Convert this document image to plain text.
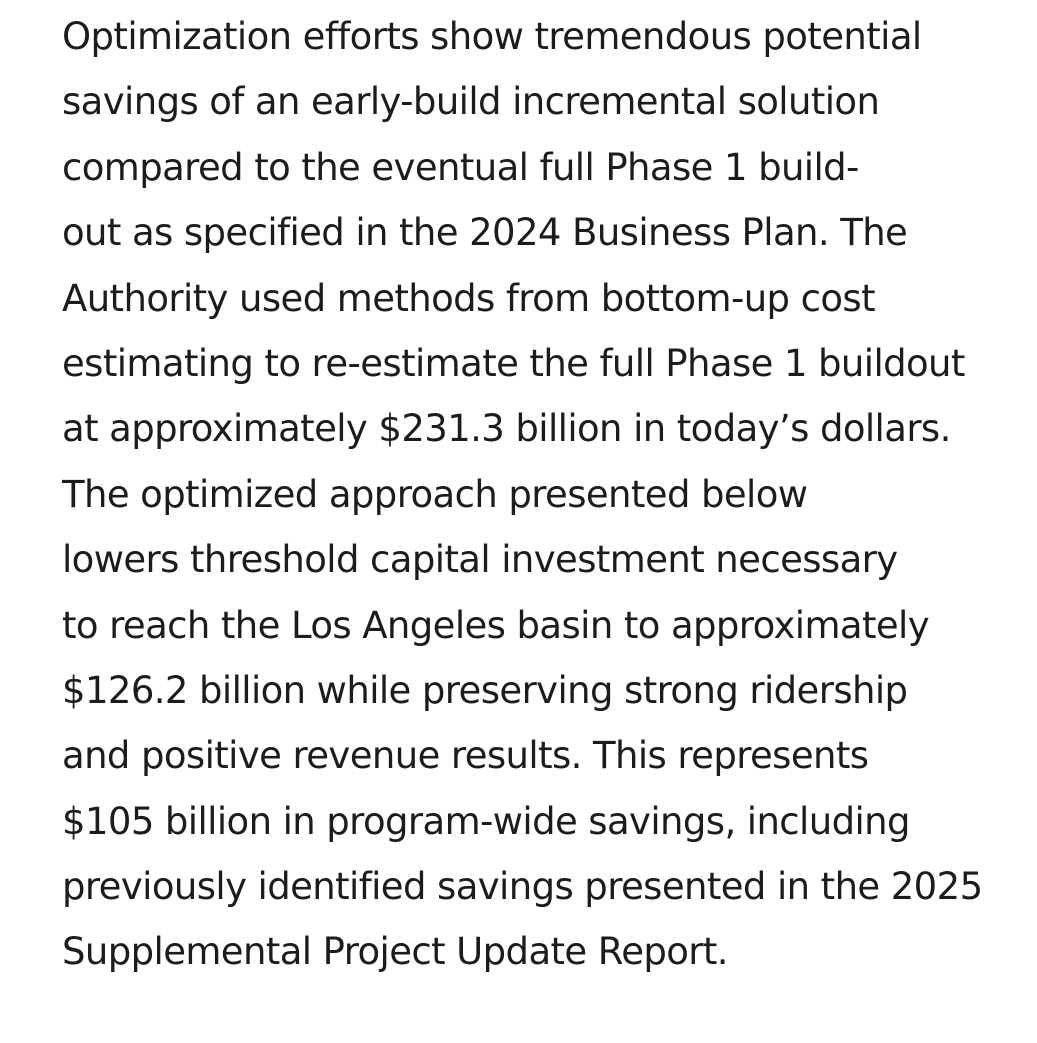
Optimization efforts show tremendous potential
savings of an early-build incremental solution
compared to the eventual full Phase 1 build-
out as specified in the 2024 Business Plan. The
Authority used methods from bottom-up cost
estimating to re-estimate the full Phase 1 buildout
at approximately $231.3 billion in today’s dollars.
The optimized approach presented below
lowers threshold capital investment necessary
to reach the Los Angeles basin to approximately
$126.2 billion while preserving strong ridership
and positive revenue results. This represents
$105 billion in program-wide savings, including
previously identified savings presented in the 2025
Supplemental Project Update Report.
